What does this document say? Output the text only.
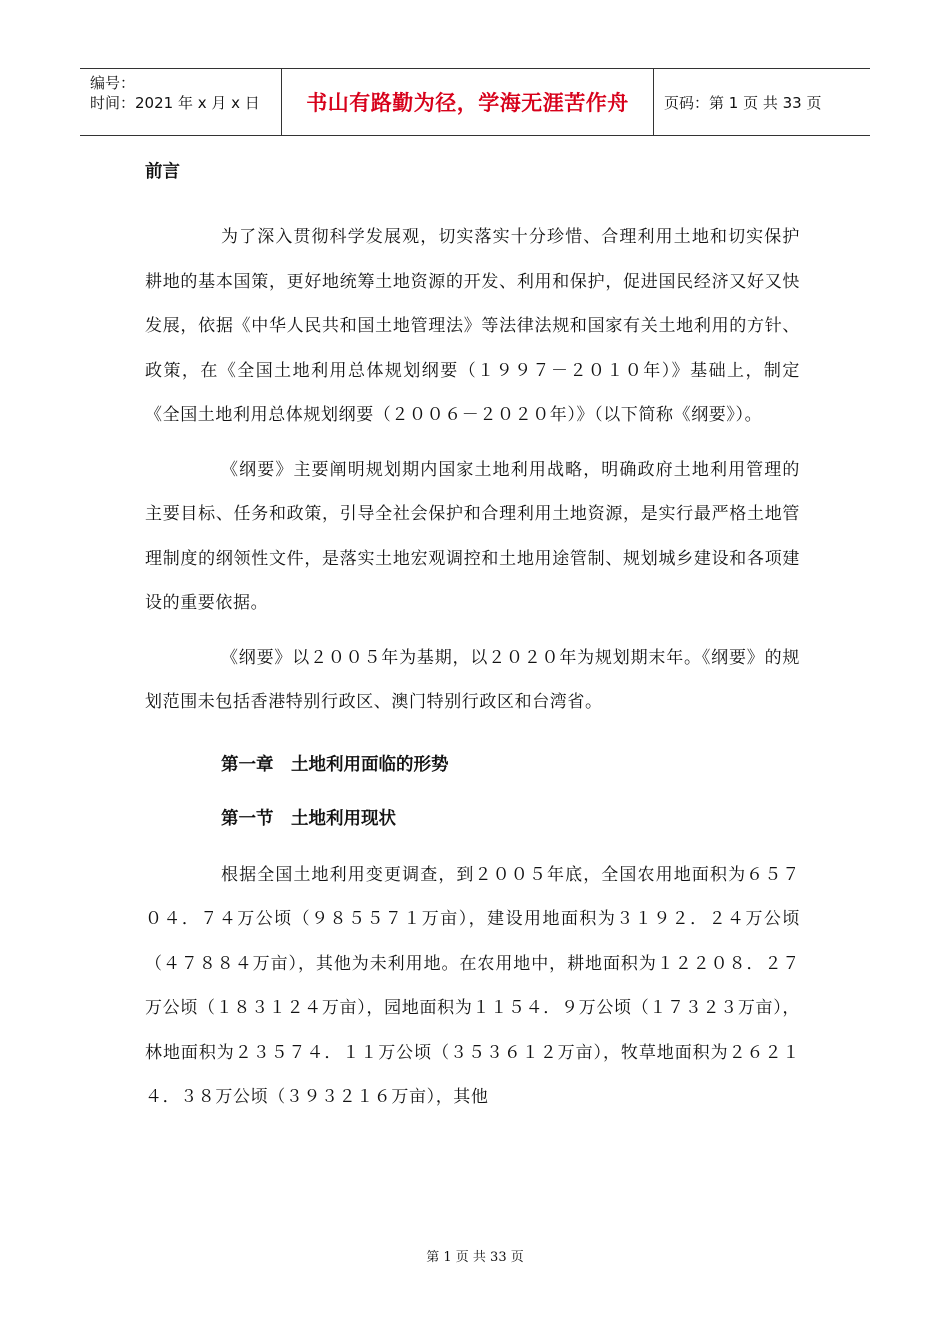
编号：
时间：2021 年 x 月 x 日	书山有路勤为径，学海无涯苦作舟 页码：第 1 页 共 33 页
前言

为了深入贯彻科学发展观，切实落实十分珍惜、合理利用土地和切实保护耕地的基本国策，更好地统筹土地资源的开发、利用和保护，促进国民经济又好又快发展，依据《中华人民共和国土地管理法》等法律法规和国家有关土地利用的方针、政策，在《全国土地利用总体规划纲要（１９９７－２０１０年）》基础上，制定《全国土地利用总体规划纲要（２００６－２０２０年）》（以下简称《纲要》）。

《纲要》主要阐明规划期内国家土地利用战略，明确政府土地利用管理的主要目标、任务和政策，引导全社会保护和合理利用土地资源，是实行最严格土地管理制度的纲领性文件，是落实土地宏观调控和土地用途管制、规划城乡建设和各项建设的重要依据。

《纲要》以２００５年为基期，以２０２０年为规划期末年。《纲要》的规划范围未包括香港特别行政区、澳门特别行政区和台湾省。

第一章　土地利用面临的形势
第一节　土地利用现状

根据全国土地利用变更调查，到２００５年底，全国农用地面积为６５７０４．７４万公顷（９８５５７１万亩），建设用地面积为３１９２．２４万公顷（４７８８４万亩），其他为未利用地。在农用地中，耕地面积为１２２０８．２７万公顷（１８３１２４万亩），园地面积为１１５４．９万公顷（１７３２３万亩），林地面积为２３５７４．１１万公顷（３５３６１２万亩），牧草地面积为２６２１４．３８万公顷（３９３２１６万亩），其他

第 1 页 共 33 页
